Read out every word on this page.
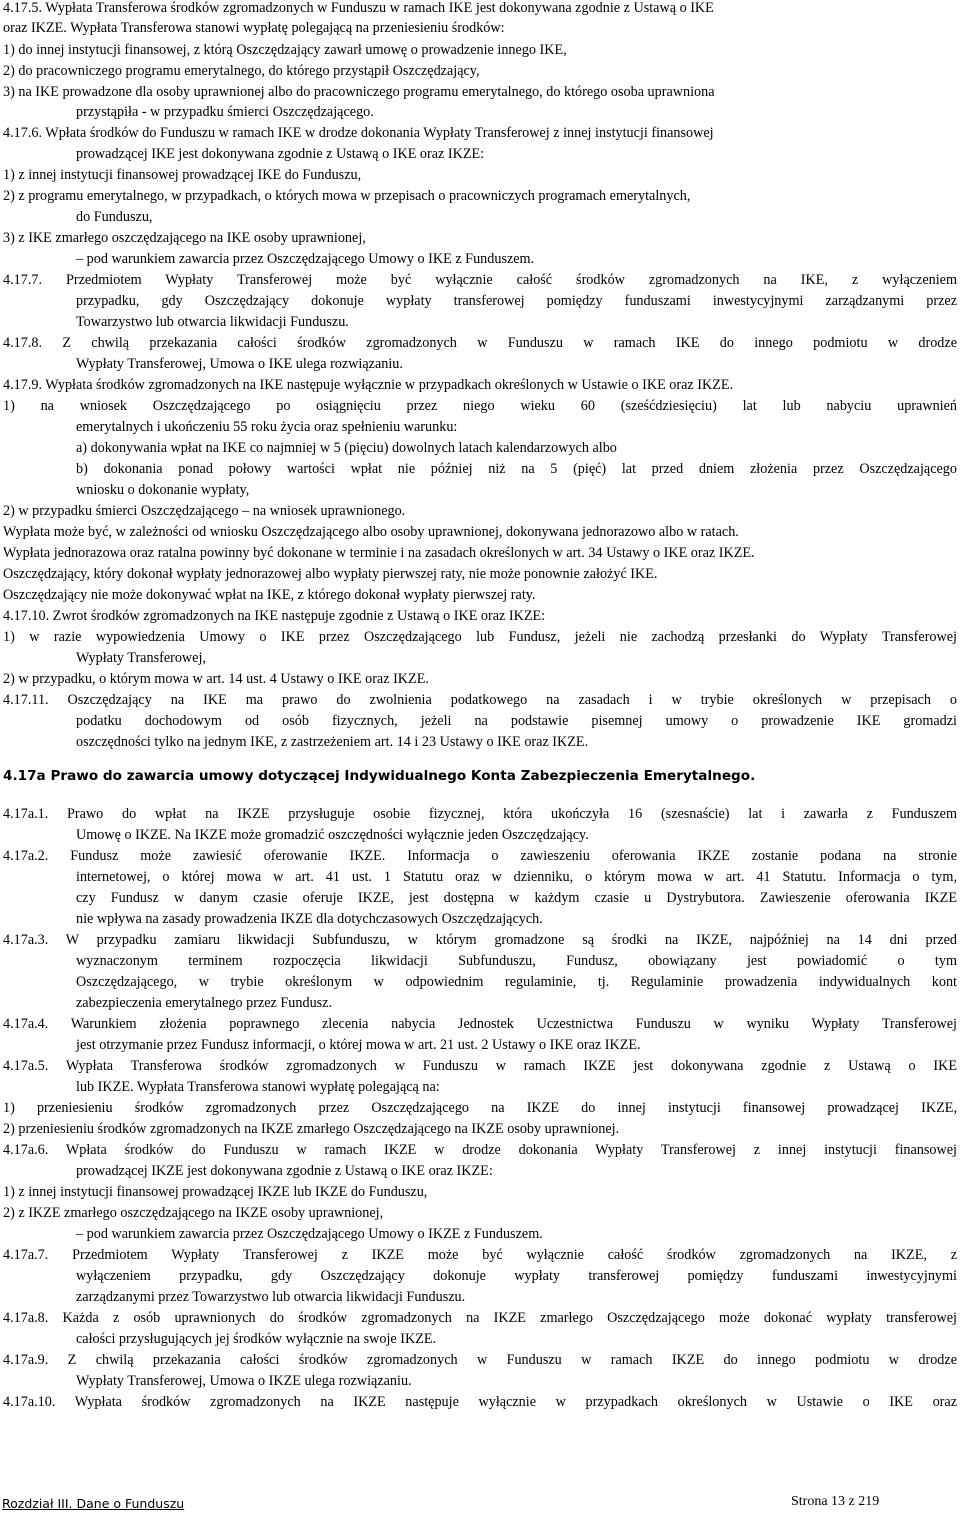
4.17.5. Wypłata Transferowa środków zgromadzonych w Funduszu w ramach IKE jest dokonywana zgodnie z Ustawą o IKE
oraz IKZE. Wypłata Transferowa stanowi wypłatę polegającą na przeniesieniu środków:
1) do innej instytucji finansowej, z którą Oszczędzający zawarł umowę o prowadzenie innego IKE,
2) do pracowniczego programu emerytalnego, do którego przystąpił Oszczędzający,
3) na IKE prowadzone dla osoby uprawnionej albo do pracowniczego programu emerytalnego, do którego osoba uprawniona
przystąpiła - w przypadku śmierci Oszczędzającego.
4.17.6. Wpłata środków do Funduszu w ramach IKE w drodze dokonania Wypłaty Transferowej z innej instytucji finansowej
prowadzącej IKE jest dokonywana zgodnie z Ustawą o IKE oraz IKZE:
1) z innej instytucji finansowej prowadzącej IKE do Funduszu,
2) z programu emerytalnego, w przypadkach, o których mowa w przepisach o pracowniczych programach emerytalnych,
do Funduszu,
3) z IKE zmarłego oszczędzającego na IKE osoby uprawnionej,
– pod warunkiem zawarcia przez Oszczędzającego Umowy o IKE z Funduszem.
4.17.7. Przedmiotem Wypłaty Transferowej może być wyłącznie całość środków zgromadzonych na IKE, z wyłączeniem
przypadku, gdy Oszczędzający dokonuje wypłaty transferowej pomiędzy funduszami inwestycyjnymi zarządzanymi przez
Towarzystwo lub otwarcia likwidacji Funduszu.
4.17.8. Z chwilą przekazania całości środków zgromadzonych w Funduszu w ramach IKE do innego podmiotu w drodze
Wypłaty Transferowej, Umowa o IKE ulega rozwiązaniu.
4.17.9. Wypłata środków zgromadzonych na IKE następuje wyłącznie w przypadkach określonych w Ustawie o IKE oraz IKZE.
1) na wniosek Oszczędzającego po osiągnięciu przez niego wieku 60 (sześćdziesięciu) lat lub nabyciu uprawnień
emerytalnych i ukończeniu 55 roku życia oraz spełnieniu warunku:
a) dokonywania wpłat na IKE co najmniej w 5 (pięciu) dowolnych latach kalendarzowych albo
b) dokonania ponad połowy wartości wpłat nie później niż na 5 (pięć) lat przed dniem złożenia przez Oszczędzającego
wniosku o dokonanie wypłaty,
2) w przypadku śmierci Oszczędzającego – na wniosek uprawnionego.
Wypłata może być, w zależności od wniosku Oszczędzającego albo osoby uprawnionej, dokonywana jednorazowo albo w ratach.
Wypłata jednorazowa oraz ratalna powinny być dokonane w terminie i na zasadach określonych w art. 34 Ustawy o IKE oraz IKZE.
Oszczędzający, który dokonał wypłaty jednorazowej albo wypłaty pierwszej raty, nie może ponownie założyć IKE.
Oszczędzający nie może dokonywać wpłat na IKE, z którego dokonał wypłaty pierwszej raty.
4.17.10. Zwrot środków zgromadzonych na IKE następuje zgodnie z Ustawą o IKE oraz IKZE:
1) w razie wypowiedzenia Umowy o IKE przez Oszczędzającego lub Fundusz, jeżeli nie zachodzą przesłanki do Wypłaty Transferowej
Wypłaty Transferowej,
2) w przypadku, o którym mowa w art. 14 ust. 4 Ustawy o IKE oraz IKZE.
4.17.11. Oszczędzający na IKE ma prawo do zwolnienia podatkowego na zasadach i w trybie określonych w przepisach o
podatku dochodowym od osób fizycznych, jeżeli na podstawie pisemnej umowy o prowadzenie IKE gromadzi
oszczędności tylko na jednym IKE, z zastrzeżeniem art. 14 i 23 Ustawy o IKE oraz IKZE.
4.17a.1. Prawo do wpłat na IKZE przysługuje osobie fizycznej, która ukończyła 16 (szesnaście) lat i zawarła z Funduszem
Umowę o IKZE. Na IKZE może gromadzić oszczędności wyłącznie jeden Oszczędzający.
4.17a.2. Fundusz może zawiesić oferowanie IKZE. Informacja o zawieszeniu oferowania IKZE zostanie podana na stronie
internetowej, o której mowa w art. 41 ust. 1 Statutu oraz w dzienniku, o którym mowa w art. 41 Statutu. Informacja o tym,
czy Fundusz w danym czasie oferuje IKZE, jest dostępna w każdym czasie u Dystrybutora. Zawieszenie oferowania IKZE
nie wpływa na zasady prowadzenia IKZE dla dotychczasowych Oszczędzających.
4.17a.3. W przypadku zamiaru likwidacji Subfunduszu, w którym gromadzone są środki na IKZE, najpóźniej na 14 dni przed
wyznaczonym terminem rozpoczęcia likwidacji Subfunduszu, Fundusz, obowiązany jest powiadomić o tym
Oszczędzającego, w trybie określonym w odpowiednim regulaminie, tj. Regulaminie prowadzenia indywidualnych kont
zabezpieczenia emerytalnego przez Fundusz.
4.17a.4. Warunkiem złożenia poprawnego zlecenia nabycia Jednostek Uczestnictwa Funduszu w wyniku Wypłaty Transferowej
jest otrzymanie przez Fundusz informacji, o której mowa w art. 21 ust. 2 Ustawy o IKE oraz IKZE.
4.17a.5. Wypłata Transferowa środków zgromadzonych w Funduszu w ramach IKZE jest dokonywana zgodnie z Ustawą o IKE
lub IKZE. Wypłata Transferowa stanowi wypłatę polegającą na:
1) przeniesieniu środków zgromadzonych przez Oszczędzającego na IKZE do innej instytucji finansowej prowadzącej IKZE,
2) przeniesieniu środków zgromadzonych na IKZE zmarłego Oszczędzającego na IKZE osoby uprawnionej.
4.17a.6. Wpłata środków do Funduszu w ramach IKZE w drodze dokonania Wypłaty Transferowej z innej instytucji finansowej
prowadzącej IKZE jest dokonywana zgodnie z Ustawą o IKE oraz IKZE:
1) z innej instytucji finansowej prowadzącej IKZE lub IKZE do Funduszu,
2) z IKZE zmarłego oszczędzającego na IKZE osoby uprawnionej,
– pod warunkiem zawarcia przez Oszczędzającego Umowy o IKZE z Funduszem.
4.17a.7. Przedmiotem Wypłaty Transferowej z IKZE może być wyłącznie całość środków zgromadzonych na IKZE, z
wyłączeniem przypadku, gdy Oszczędzający dokonuje wypłaty transferowej pomiędzy funduszami inwestycyjnymi
zarządzanymi przez Towarzystwo lub otwarcia likwidacji Funduszu.
4.17a.8. Każda z osób uprawnionych do środków zgromadzonych na IKZE zmarłego Oszczędzającego może dokonać wypłaty transferowej
całości przysługujących jej środków wyłącznie na swoje IKZE.
4.17a.9. Z chwilą przekazania całości środków zgromadzonych w Funduszu w ramach IKZE do innego podmiotu w drodze
Wypłaty Transferowej, Umowa o IKZE ulega rozwiązaniu.
4.17a.10. Wypłata środków zgromadzonych na IKZE następuje wyłącznie w przypadkach określonych w Ustawie o IKE oraz
4.17a Prawo do zawarcia umowy dotyczącej Indywidualnego Konta Zabezpieczenia Emerytalnego.
Rozdział III. Dane o Funduszu	Strona 13 z 219
